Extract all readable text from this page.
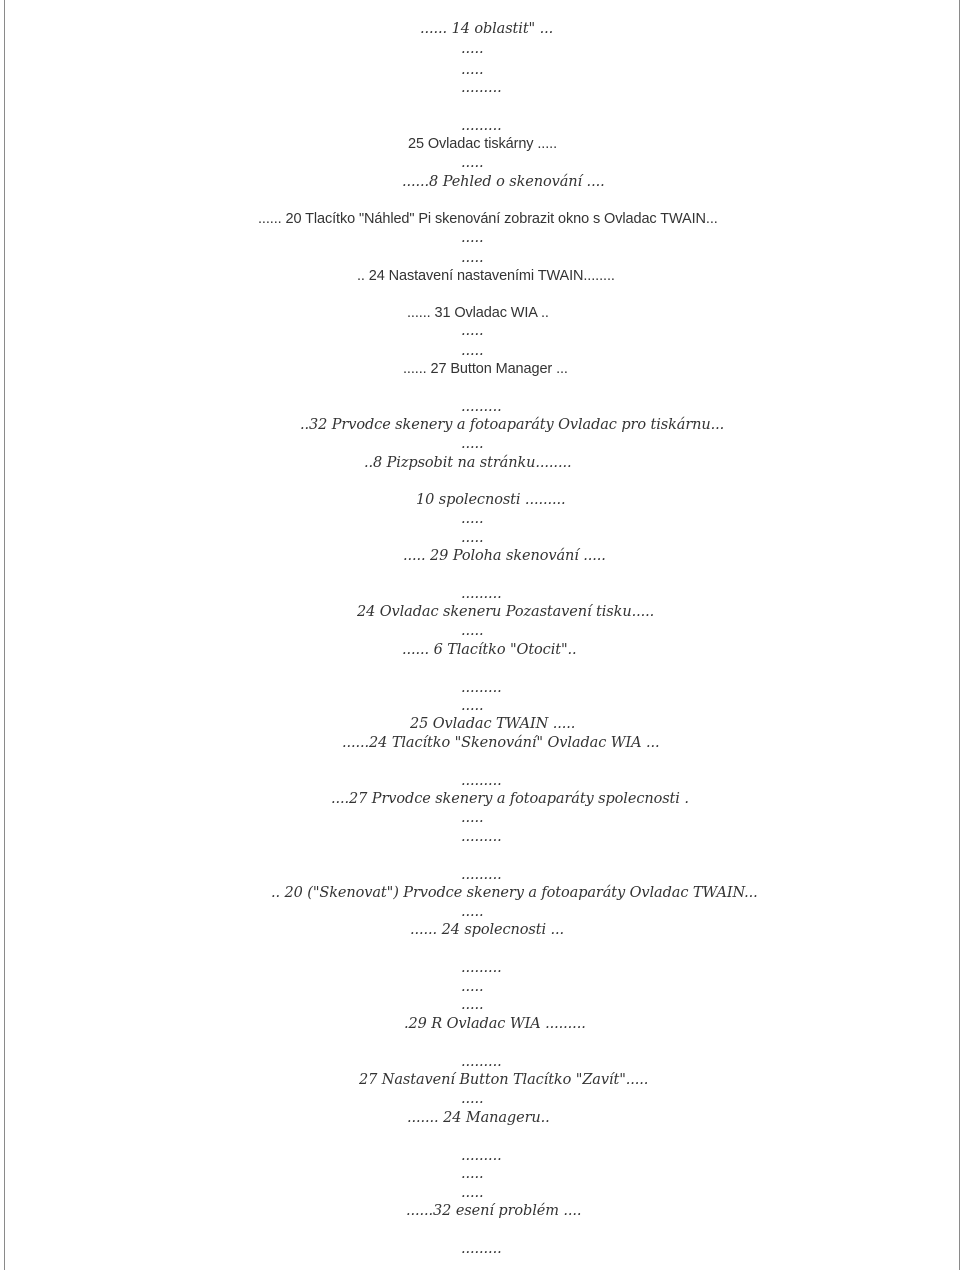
...... 14 oblastit" ...
.....
.....
.........
.........
25 Ovladac tiskárny .....
.....
......8 Pehled o skenování ....
...... 20 Tlacítko "Náhled" Pi skenování zobrazit okno s Ovladac TWAIN...
.....
.....
.. 24 Nastavení nastaveními TWAIN........
...... 31 Ovladac WIA ..
.....
.....
...... 27 Button Manager ...
.........
..32 Prvodce skenery a fotoaparáty Ovladac pro tiskárnu...
.....
..8 Pizpsobit na stránku........
10 spolecnosti .........
.....
.....
..... 29 Poloha skenování .....
.........
24 Ovladac skeneru Pozastavení tisku.....
.....
...... 6 Tlacítko "Otocit"..
.........
.....
25 Ovladac TWAIN .....
......24 Tlacítko "Skenování" Ovladac WIA ...
.........
....27 Prvodce skenery a fotoaparáty spolecnosti .
.....
.........
.........
.. 20 ("Skenovat") Prvodce skenery a fotoaparáty Ovladac TWAIN...
.....
...... 24 spolecnosti ...
.........
.....
.....
.29 R Ovladac WIA .........
.........
27 Nastavení Button Tlacítko "Zavít".....
.....
....... 24 Manageru..
.........
.....
.....
......32 esení problém ....
.........
